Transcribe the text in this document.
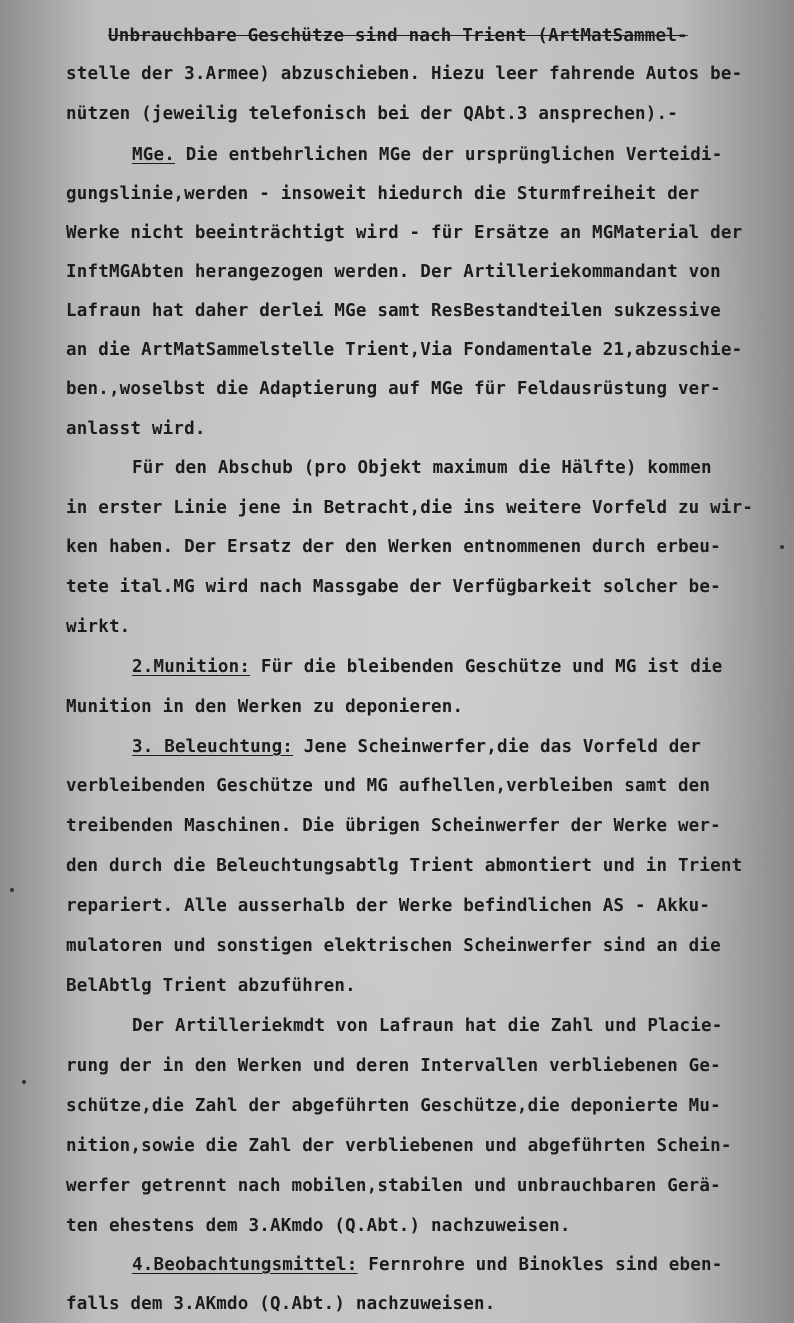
Unbrauchbare Geschütze sind nach Trient (ArtMatSammel-
stelle der 3.Armee) abzuschieben. Hiezu leer fahrende Autos be-
nützen (jeweilig telefonisch bei der QAbt.3 ansprechen).-
MGe. Die entbehrlichen MGe der ursprünglichen Verteidi-
gungslinie,werden - insoweit hiedurch die Sturmfreiheit der
Werke nicht beeinträchtigt wird - für Ersätze an MGMaterial der
InftMGAbten herangezogen werden. Der Artilleriekommandant von
Lafraun hat daher derlei MGe samt ResBestandteilen sukzessive
an die ArtMatSammelstelle Trient,Via Fondamentale 21,abzuschie-
ben.,woselbst die Adaptierung auf MGe für Feldausrüstung ver-
anlasst wird.
Für den Abschub (pro Objekt maximum die Hälfte) kommen
in erster Linie jene in Betracht,die ins weitere Vorfeld zu wir-
ken haben. Der Ersatz der den Werken entnommenen durch erbeu-
tete ital.MG wird nach Massgabe der Verfügbarkeit solcher be-
wirkt.
2.Munition: Für die bleibenden Geschütze und MG ist die
Munition in den Werken zu deponieren.
3. Beleuchtung: Jene Scheinwerfer,die das Vorfeld der
verbleibenden Geschütze und MG aufhellen,verbleiben samt den
treibenden Maschinen. Die übrigen Scheinwerfer der Werke wer-
den durch die Beleuchtungsabtlg Trient abmontiert und in Trient
repariert. Alle ausserhalb der Werke befindlichen AS - Akku-
mulatoren und sonstigen elektrischen Scheinwerfer sind an die
BelAbtlg Trient abzuführen.
Der Artilleriekmdt von Lafraun hat die Zahl und Placie-
rung der in den Werken und deren Intervallen verbliebenen Ge-
schütze,die Zahl der abgeführten Geschütze,die deponierte Mu-
nition,sowie die Zahl der verbliebenen und abgeführten Schein-
werfer getrennt nach mobilen,stabilen und unbrauchbaren Gerä-
ten ehestens dem 3.AKmdo (Q.Abt.) nachzuweisen.
4.Beobachtungsmittel: Fernrohre und Binokles sind eben-
falls dem 3.AKmdo (Q.Abt.) nachzuweisen.
